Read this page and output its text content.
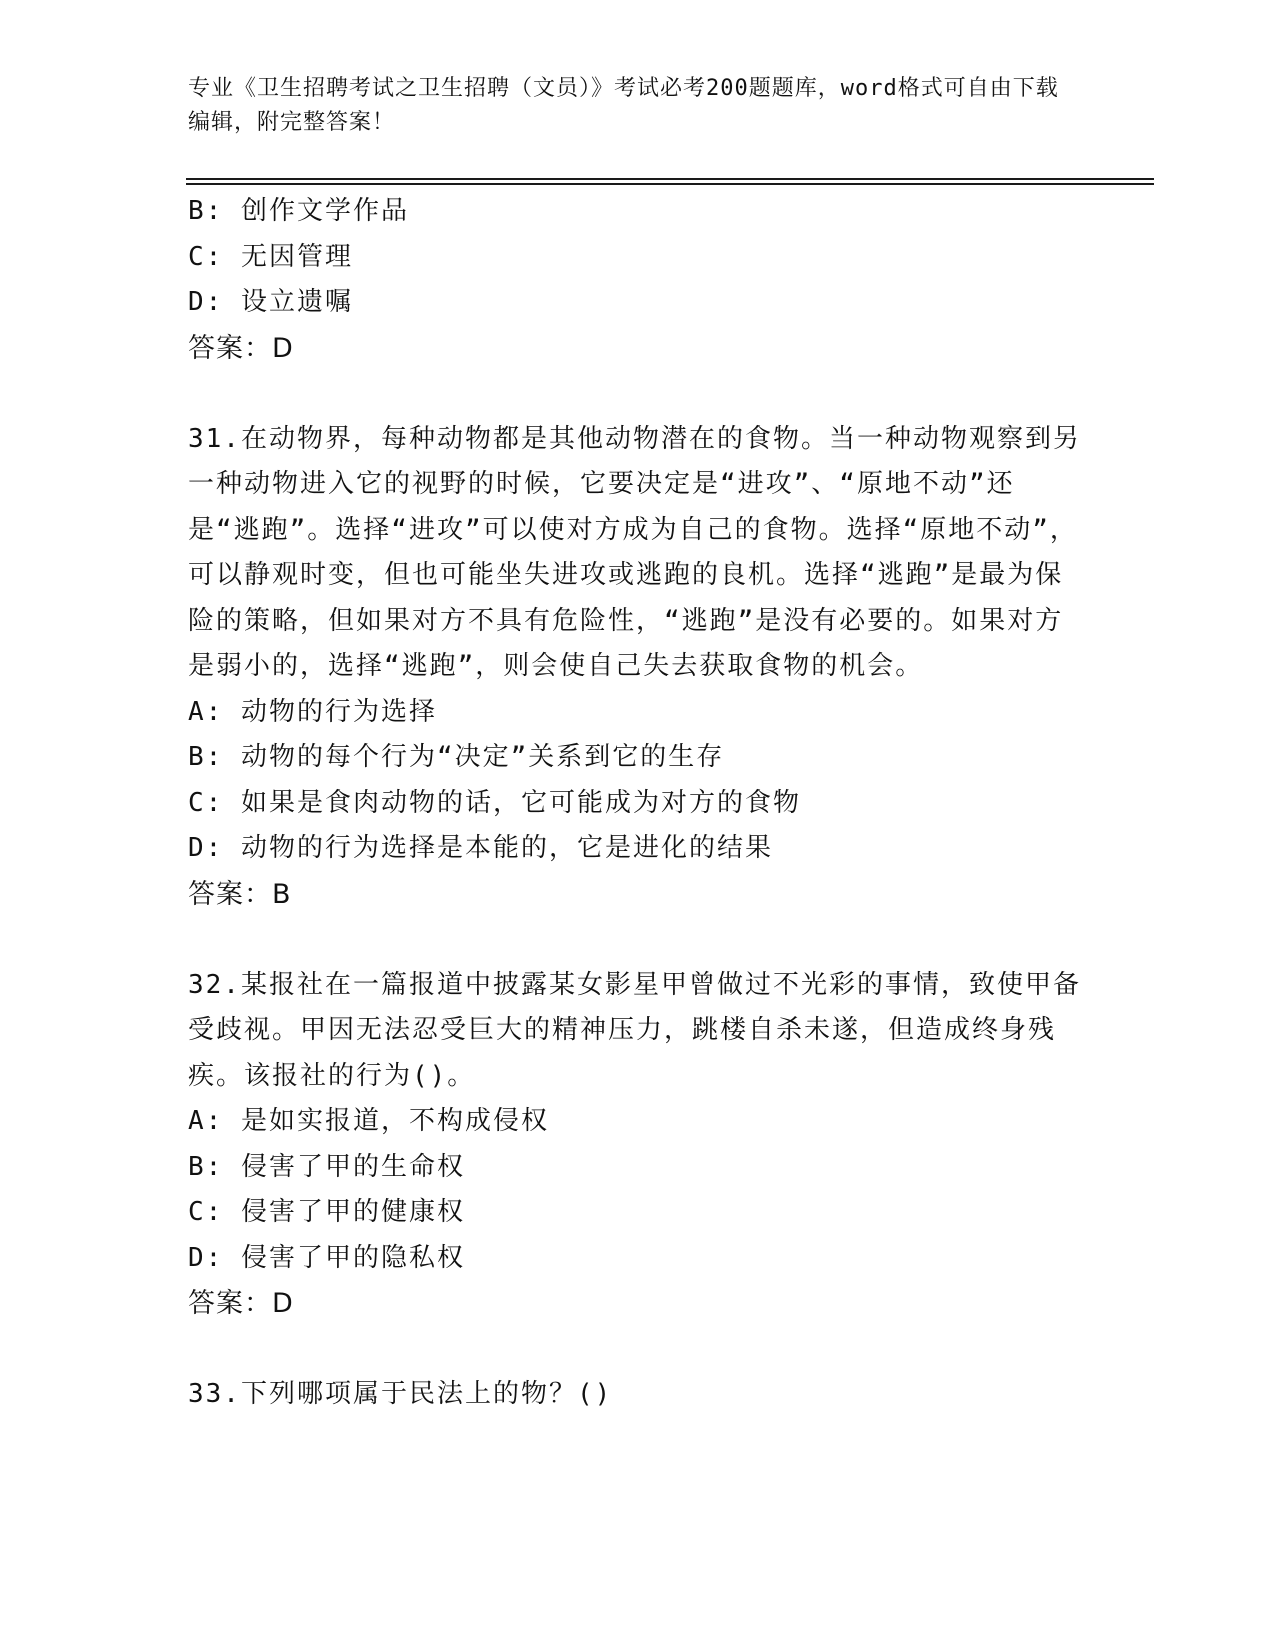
专业《卫生招聘考试之卫生招聘（文员）》考试必考200题题库，word格式可自由下载编辑，附完整答案！

B: 创作文学作品

C: 无因管理

D: 设立遗嘱

答案：D

31.在动物界，每种动物都是其他动物潜在的食物。当一种动物观察到另一种动物进入它的视野的时候，它要决定是“进攻”、“原地不动”还是“逃跑”。选择“进攻”可以使对方成为自己的食物。选择“原地不动”，可以静观时变，但也可能坐失进攻或逃跑的良机。选择“逃跑”是最为保险的策略，但如果对方不具有危险性，“逃跑”是没有必要的。如果对方是弱小的，选择“逃跑”，则会使自己失去获取食物的机会。

A: 动物的行为选择

B: 动物的每个行为“决定”关系到它的生存

C: 如果是食肉动物的话，它可能成为对方的食物

D: 动物的行为选择是本能的，它是进化的结果

答案：B

32.某报社在一篇报道中披露某女影星甲曾做过不光彩的事情，致使甲备受歧视。甲因无法忍受巨大的精神压力，跳楼自杀未遂，但造成终身残疾。该报社的行为()。

A: 是如实报道，不构成侵权

B: 侵害了甲的生命权

C: 侵害了甲的健康权

D: 侵害了甲的隐私权

答案：D

33.下列哪项属于民法上的物？()
